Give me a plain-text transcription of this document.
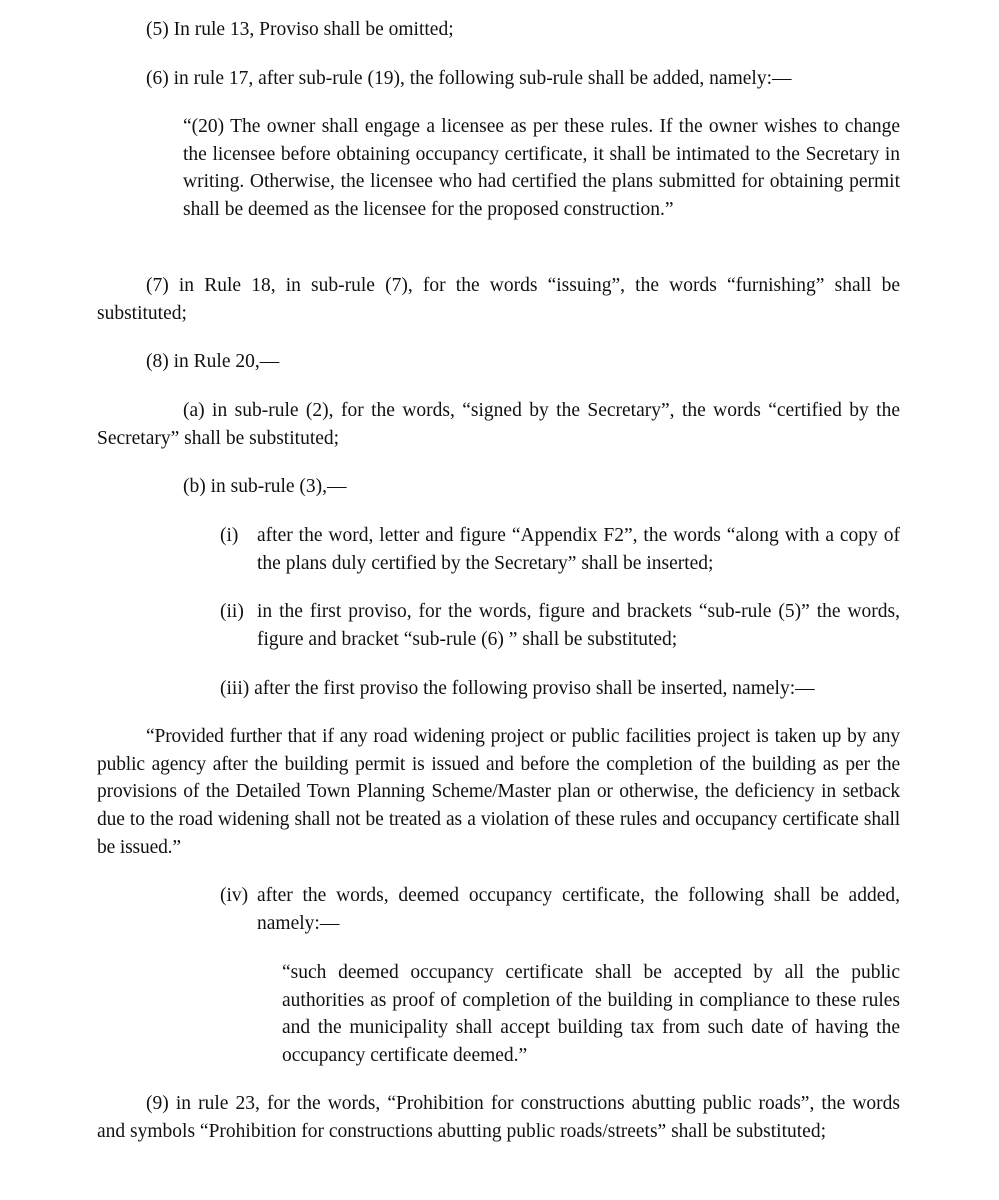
(5) In rule 13, Proviso shall be omitted;

(6) in rule 17, after sub-rule (19), the following sub-rule shall be added, namely:—

“(20) The owner shall engage a licensee as per these rules. If the owner wishes to change the licensee before obtaining occupancy certificate, it shall be intimated to the Secretary in writing. Otherwise, the licensee who had certified the plans submitted for obtaining permit shall be deemed as the licensee for the proposed construction.”

(7) in Rule 18, in sub-rule (7), for the words “issuing”, the words “furnishing” shall be substituted;

(8) in Rule 20,—

(a) in sub-rule (2), for the words, “signed by the Secretary”, the words “certified by the Secretary” shall be substituted;

(b) in sub-rule (3),—

(i) after the word, letter and figure “Appendix F2”, the words “along with a copy of the plans duly certified by the Secretary” shall be inserted;
(ii) in the first proviso, for the words, figure and brackets “sub-rule (5)” the words, figure and bracket “sub-rule (6) ” shall be substituted;

(iii) after the first proviso the following proviso shall be inserted, namely:—

“Provided further that if any road widening project or public facilities project is taken up by any public agency after the building permit is issued and before the completion of the building as per the provisions of the Detailed Town Planning Scheme/Master plan or otherwise, the deficiency in setback due to the road widening shall not be treated as a violation of these rules and occupancy certificate shall be issued.”

(iv) after the words, deemed occupancy certificate, the following shall be added, namely:—

“such deemed occupancy certificate shall be accepted by all the public authorities as proof of completion of the building in compliance to these rules and the municipality shall accept building tax from such date of having the occupancy certificate deemed.”

(9) in rule 23, for the words, “Prohibition for constructions abutting public roads”, the words and symbols “Prohibition for constructions abutting public roads/streets” shall be substituted;
